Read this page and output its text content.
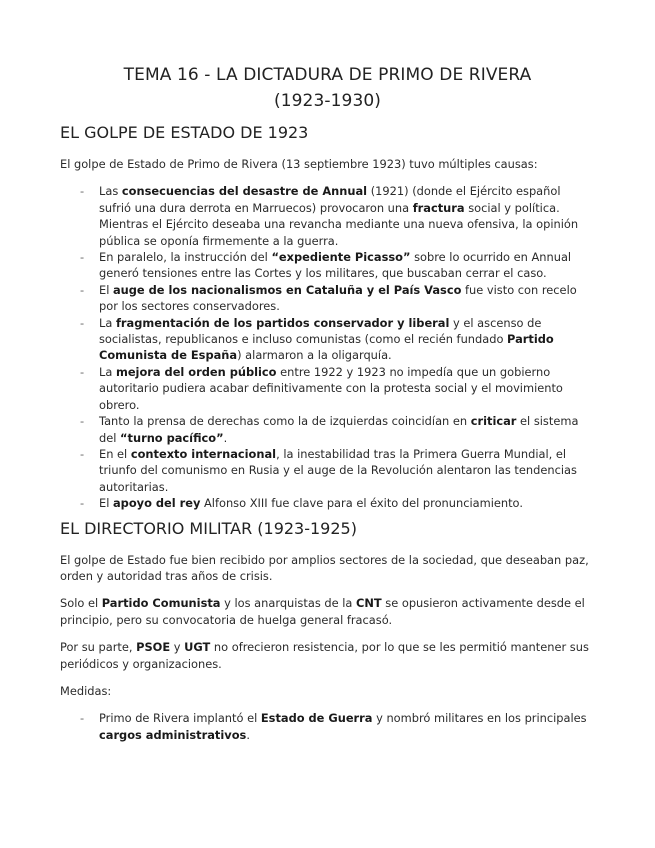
TEMA 16 - LA DICTADURA DE PRIMO DE RIVERA
(1923-1930)
EL GOLPE DE ESTADO DE 1923

El golpe de Estado de Primo de Rivera (13 septiembre 1923) tuvo múltiples causas:

- Las consecuencias del desastre de Annual (1921) (donde el Ejército español sufrió una dura derrota en Marruecos) provocaron una fractura social y política. Mientras el Ejército deseaba una revancha mediante una nueva ofensiva, la opinión pública se oponía firmemente a la guerra.
- En paralelo, la instrucción del “expediente Picasso” sobre lo ocurrido en Annual generó tensiones entre las Cortes y los militares, que buscaban cerrar el caso.
- El auge de los nacionalismos en Cataluña y el País Vasco fue visto con recelo por los sectores conservadores.
- La fragmentación de los partidos conservador y liberal y el ascenso de socialistas, republicanos e incluso comunistas (como el recién fundado Partido Comunista de España) alarmaron a la oligarquía.
- La mejora del orden público entre 1922 y 1923 no impedía que un gobierno autoritario pudiera acabar definitivamente con la protesta social y el movimiento obrero.
- Tanto la prensa de derechas como la de izquierdas coincidían en criticar el sistema del “turno pacífico”.
- En el contexto internacional, la inestabilidad tras la Primera Guerra Mundial, el triunfo del comunismo en Rusia y el auge de la Revolución alentaron las tendencias autoritarias.
- El apoyo del rey Alfonso XIII fue clave para el éxito del pronunciamiento.
EL DIRECTORIO MILITAR (1923-1925)

El golpe de Estado fue bien recibido por amplios sectores de la sociedad, que deseaban paz, orden y autoridad tras años de crisis.

Solo el Partido Comunista y los anarquistas de la CNT se opusieron activamente desde el principio, pero su convocatoria de huelga general fracasó.

Por su parte, PSOE y UGT no ofrecieron resistencia, por lo que se les permitió mantener sus periódicos y organizaciones.

Medidas:

- Primo de Rivera implantó el Estado de Guerra y nombró militares en los principales cargos administrativos.
